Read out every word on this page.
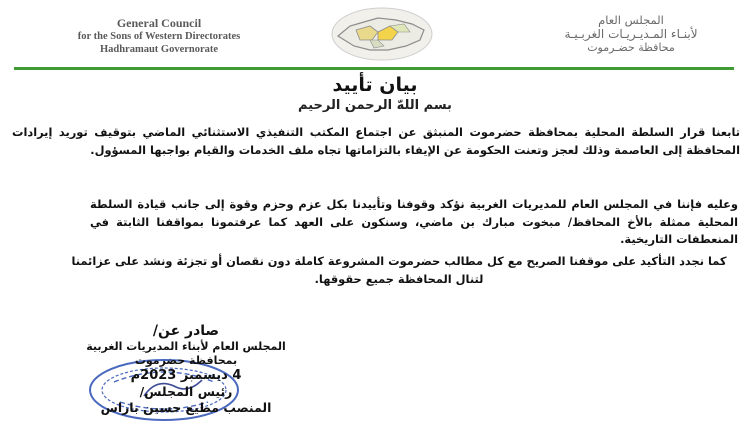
General Council
for the Sons of Western Directorates
Hadhramaut Governorate
المجلس العام
لأبنـاء المـديـريـات الغربـيـة
محافظة حضـرموت
بيان تأييد
بسم اللهّ الرحمن الرحيم
تابعنا قرار السلطة المحلية بمحافظة حضرموت المنبثق عن اجتماع المكتب التنفيذي الاستثنائي الماضي بتوقيف توريد إيرادات المحافظة إلى العاصمة وذلك لعجز وتعنت الحكومة عن الإيفاء بالتزاماتها تجاه ملف الخدمات والقيام بواجبها المسؤول.
وعليه فإننا في المجلس العام للمديريات الغربية نؤكد وقوفنا وتأييدنا بكل عزم وحزم وقوة إلى جانب قيادة السلطة المحلية ممثلة بالأخ المحافظ/ مبخوت مبارك بن ماضي، وسنكون على العهد كما عرفتمونا بمواقفنا الثابتة في المنعطفات التاريخية.
كما نجدد التأكيد على موقفنا الصريح مع كل مطالب حضرموت المشروعة كاملة دون نقصان أو تجزئة ونشد على عزائمنا لتنال المحافظة جميع حقوقها.
صادر عن/
المجلس العام لأبناء المديريات الغربية
بمحافظة حضرموت
4 ديسمبر 2023م
رئيس المجلس/
المنصب مطيع حسين باراس
